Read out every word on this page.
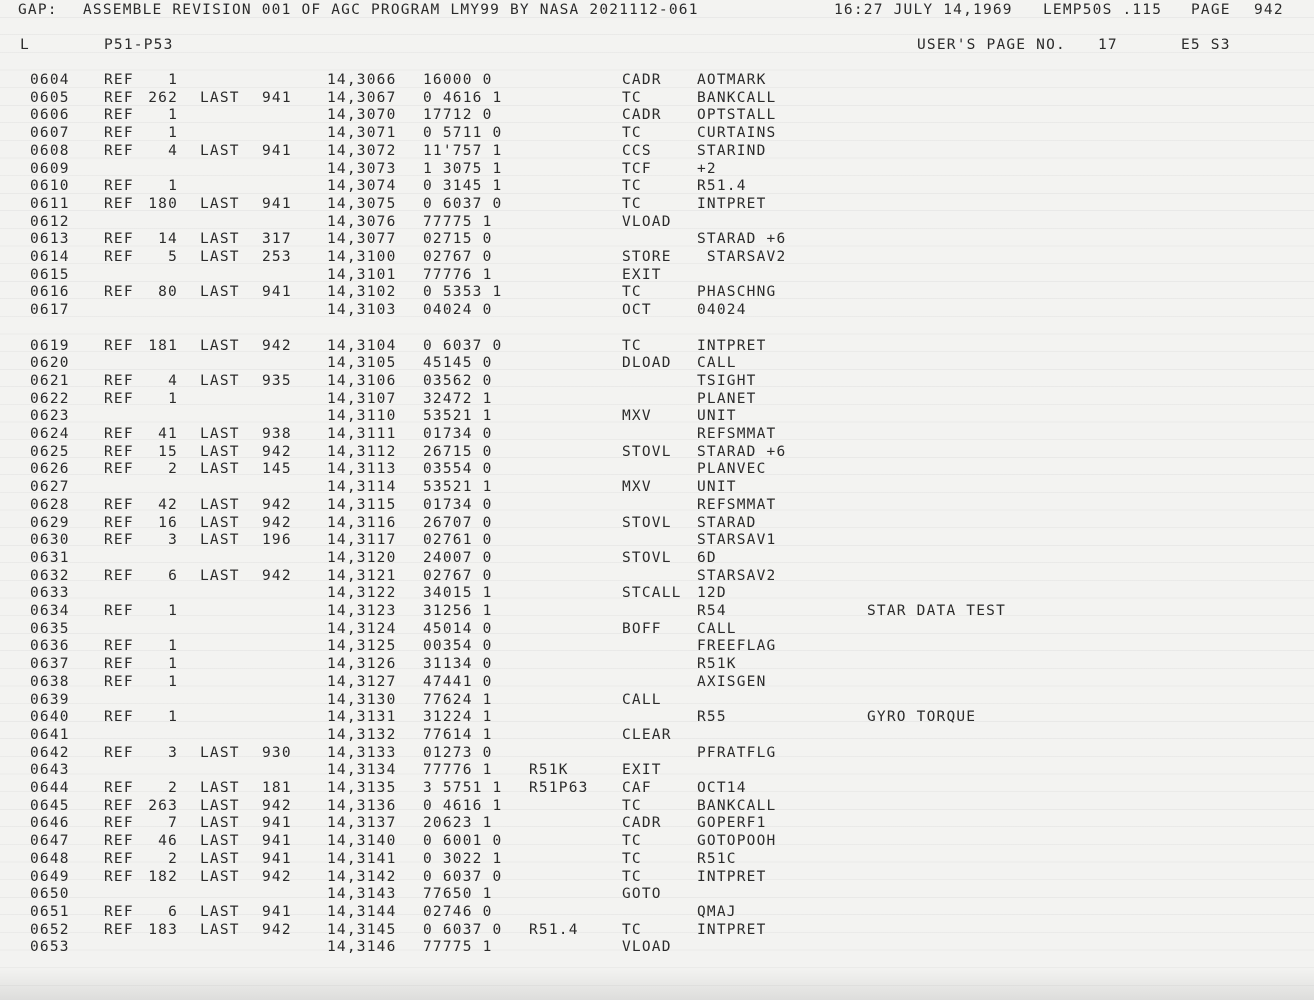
GAP:

ASSEMBLE REVISION 001 OF AGC PROGRAM LMY99 BY NASA 2021112-061

	16:27 JULY 14,1969

LEMP50S .115

PAGE

942

L

	P51-P53

	USER'S PAGE NO.

17

	E5 S3

0604 REF	1	14,3066 16000 0	CADR AOTMARK
0605 REF 262 LAST 941 14,3067 0 4616 1	TC	BANKCALL
0606 REF	1	14,3070 17712 0	CADR OPTSTALL
0607 REF	1	14,3071 0 5711 0	TC	CURTAINS
0608 REF	4 LAST 941 14,3072 11'757 1	CCS	STARIND
0609	14,3073 1 3075 1	TCF	+2
0610 REF	1	14,3074 0 3145 1	TC	R51.4
0611 REF 180 LAST 941 14,3075 0 6037 0	TC	INTPRET
0612	14,3076 77775 1	VLOAD
0613 REF	14 LAST 317 14,3077 02715 0	STARAD +6
0614 REF	5 LAST 253 14,3100 02767 0	STORE STARSAV2
0615	14,3101 77776 1	EXIT
0616 REF	80 LAST 941 14,3102 0 5353 1	TC	PHASCHNG
0617	14,3103 04024 0	OCT	04024
0619 REF 181 LAST 942 14,3104 0 6037 0	TC	INTPRET
0620	14,3105 45145 0	DLOAD CALL
0621 REF	4 LAST 935 14,3106 03562 0	TSIGHT
0622 REF	1	14,3107 32472 1	PLANET
0623	14,3110 53521 1	MXV	UNIT
0624 REF	41 LAST 938 14,3111 01734 0	REFSMMAT
0625 REF	15 LAST 942 14,3112 26715 0	STOVL STARAD +6
0626 REF	2 LAST 145 14,3113 03554 0	PLANVEC
0627	14,3114 53521 1	MXV	UNIT
0628 REF	42 LAST 942 14,3115 01734 0	REFSMMAT
0629 REF	16 LAST 942 14,3116 26707 0	STOVL STARAD
0630 REF	3 LAST 196 14,3117 02761 0	STARSAV1
0631	14,3120 24007 0	STOVL 6D
0632 REF	6 LAST 942 14,3121 02767 0	STARSAV2
0633	14,3122 34015 1	STCALL 12D
0634 REF	1	14,3123 31256 1	R54	STAR DATA TEST
0635	14,3124 45014 0	BOFF CALL
0636 REF	1	14,3125 00354 0	FREEFLAG
0637 REF	1	14,3126 31134 0	R51K
0638 REF	1	14,3127 47441 0	AXISGEN
0639	14,3130 77624 1	CALL
0640 REF	1	14,3131 31224 1	R55	GYRO TORQUE
0641	14,3132 77614 1	CLEAR
0642 REF	3 LAST 930 14,3133 01273 0	PFRATFLG
0643	14,3134 77776 1	R51K	EXIT
0644 REF	2 LAST 181 14,3135 3 5751 1 R51P63 CAF	OCT14
0645 REF 263 LAST 942 14,3136 0 4616 1	TC	BANKCALL
0646 REF	7 LAST 941 14,3137 20623 1	CADR GOPERF1
0647 REF	46 LAST 941 14,3140 0 6001 0	TC	GOTOPOOH
0648 REF	2 LAST 941 14,3141 0 3022 1	TC	R51C
0649 REF 182 LAST 942 14,3142 0 6037 0	TC	INTPRET
0650	14,3143 77650 1	GOTO
0651 REF	6 LAST 941 14,3144 02746 0	QMAJ
0652 REF 183 LAST 942 14,3145 0 6037 0 R51.4	TC	INTPRET
0653	14,3146 77775 1	VLOAD
